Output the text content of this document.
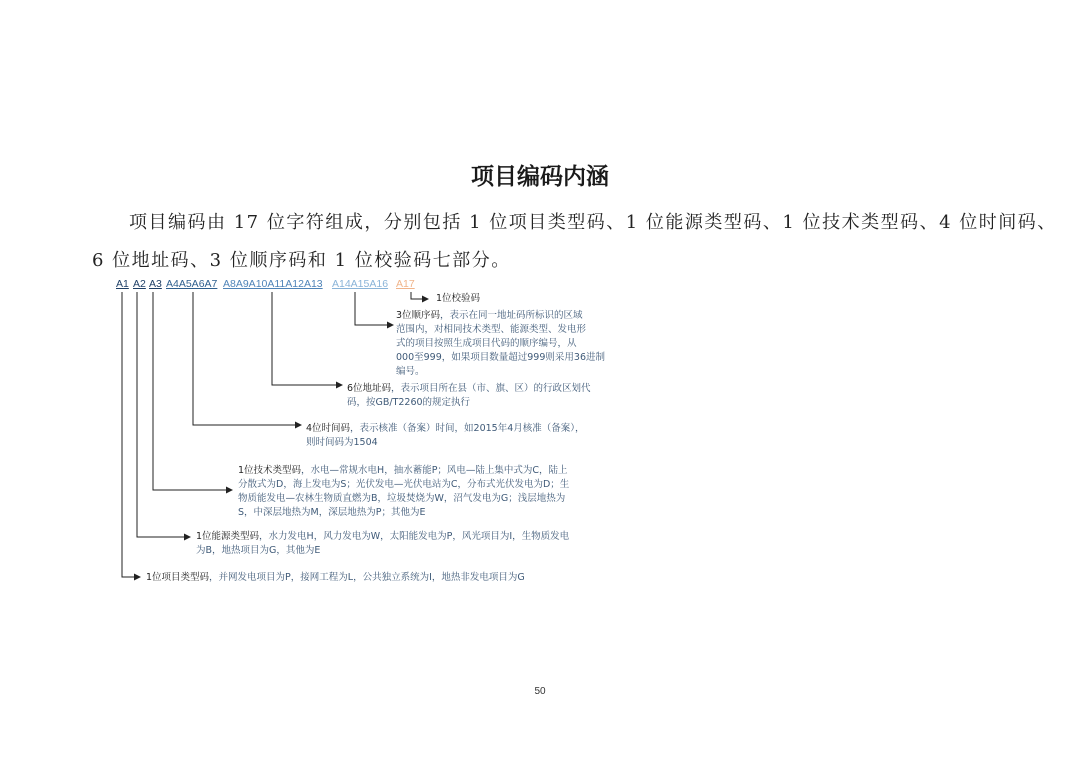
项目编码内涵
项目编码由 17 位字符组成，分别包括 1 位项目类型码、1 位能源类型码、1 位技术类型码、4 位时间码、
6 位地址码、3 位顺序码和 1 位校验码七部分。
A1 A2 A3 A4A5A6A7 A8A9A10A11A12A13 A14A15A16 A17
1位校验码
3位顺序码，表示在同一地址码所标识的区域
范围内，对相同技术类型、能源类型、发电形
式的项目按照生成项目代码的顺序编号，从
000至999，如果项目数量超过999则采用36进制
编号。
6位地址码，表示项目所在县（市、旗、区）的行政区划代
码，按GB/T2260的规定执行
4位时间码，表示核准（备案）时间，如2015年4月核准（备案），
则时间码为1504
1位技术类型码，水电—常规水电H，抽水蓄能P；风电—陆上集中式为C，陆上
分散式为D，海上发电为S；光伏发电—光伏电站为C，分布式光伏发电为D；生
物质能发电—农林生物质直燃为B，垃圾焚烧为W，沼气发电为G；浅层地热为
S，中深层地热为M，深层地热为P；其他为E
1位能源类型码，水力发电H，风力发电为W，太阳能发电为P，风光项目为I，生物质发电
为B，地热项目为G，其他为E
1位项目类型码，并网发电项目为P，接网工程为L，公共独立系统为I，地热非发电项目为G
50
